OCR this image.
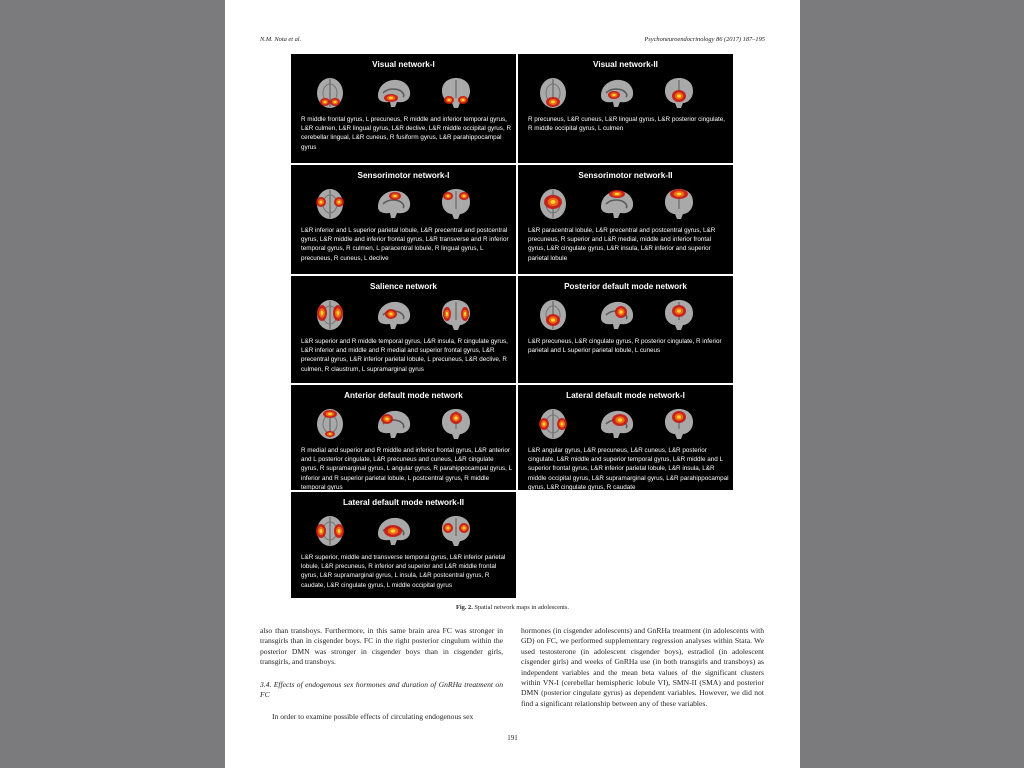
N.M. Nota et al.	Psychoneuroendocrinology 86 (2017) 187–195
Visual network-I
R middle frontal gyrus, L precuneus, R middle and inferior temporal gyrus, L&R culmen, L&R lingual gyrus, L&R declive, L&R middle occipital gyrus, R cerebellar lingual, L&R cuneus, R fusiform gyrus, L&R parahippocampal gyrus
Visual network-II
R precuneus, L&R cuneus, L&R lingual gyrus, L&R posterior cingulate, R middle occipital gyrus, L culmen
Sensorimotor network-I
L&R inferior and L superior parietal lobule, L&R precentral and postcentral gyrus, L&R middle and inferior frontal gyrus, L&R transverse and R inferior temporal gyrus, R culmen, L paracentral lobule, R lingual gyrus, L precuneus, R cuneus, L declive
Sensorimotor network-II
L&R paracentral lobule, L&R precentral and postcentral gyrus, L&R precuneus, R superior and L&R medial, middle and inferior frontal gyrus, L&R cingulate gyrus, L&R insula, L&R inferior and superior parietal lobule
Salience network
L&R superior and R middle temporal gyrus, L&R insula, R cingulate gyrus, L&R inferior and middle and R medial and superior frontal gyrus, L&R precentral gyrus, L&R inferior parietal lobule, L precuneus, L&R declive, R culmen, R claustrum, L supramarginal gyrus
Posterior default mode network
L&R precuneus, L&R cingulate gyrus, R posterior cingulate, R inferior parietal and L superior parietal lobule, L cuneus
Anterior default mode network
R medial and superior and R middle and inferior frontal gyrus, L&R anterior and L posterior cingulate, L&R precuneus and cuneus, L&R cingulate gyrus, R supramarginal gyrus, L angular gyrus, R parahippocampal gyrus, L inferior and R superior parietal lobule, L postcentral gyrus, R middle temporal gyrus
Lateral default mode network-I
L&R angular gyrus, L&R precuneus, L&R cuneus, L&R posterior cingulate, L&R middle and superior temporal gyrus, L&R middle and L superior frontal gyrus, L&R inferior parietal lobule, L&R insula, L&R middle occipital gyrus, L&R supramarginal gyrus, L&R parahippocampal gyrus, L&R cingulate gyrus, R caudate
Lateral default mode network-II
L&R superior, middle and transverse temporal gyrus, L&R inferior parietal lobule, L&R precuneus, R inferior and superior and L&R middle frontal gyrus, L&R supramarginal gyrus, L insula, L&R postcentral gyrus, R caudate, L&R cingulate gyrus, L middle occipital gyrus
Fig. 2. Spatial network maps in adolescents.

also than transboys. Furthermore, in this same brain area FC was stronger in transgirls than in cisgender boys. FC in the right posterior cingulum within the posterior DMN was stronger in cisgender boys than in cisgender girls, transgirls, and transboys.

3.4. Effects of endogenous sex hormones and duration of GnRHa treatment on FC

In order to examine possible effects of circulating endogenous sex

hormones (in cisgender adolescents) and GnRHa treatment (in adolescents with GD) on FC, we performed supplementary regression analyses within Stata. We used testosterone (in adolescent cisgender boys), estradiol (in adolescent cisgender girls) and weeks of GnRHa use (in both transgirls and transboys) as independent variables and the mean beta values of the significant clusters within VN-I (cerebellar hemispheric lobule VI), SMN-II (SMA) and posterior DMN (posterior cingulate gyrus) as dependent variables. However, we did not find a significant relationship between any of these variables.

191
